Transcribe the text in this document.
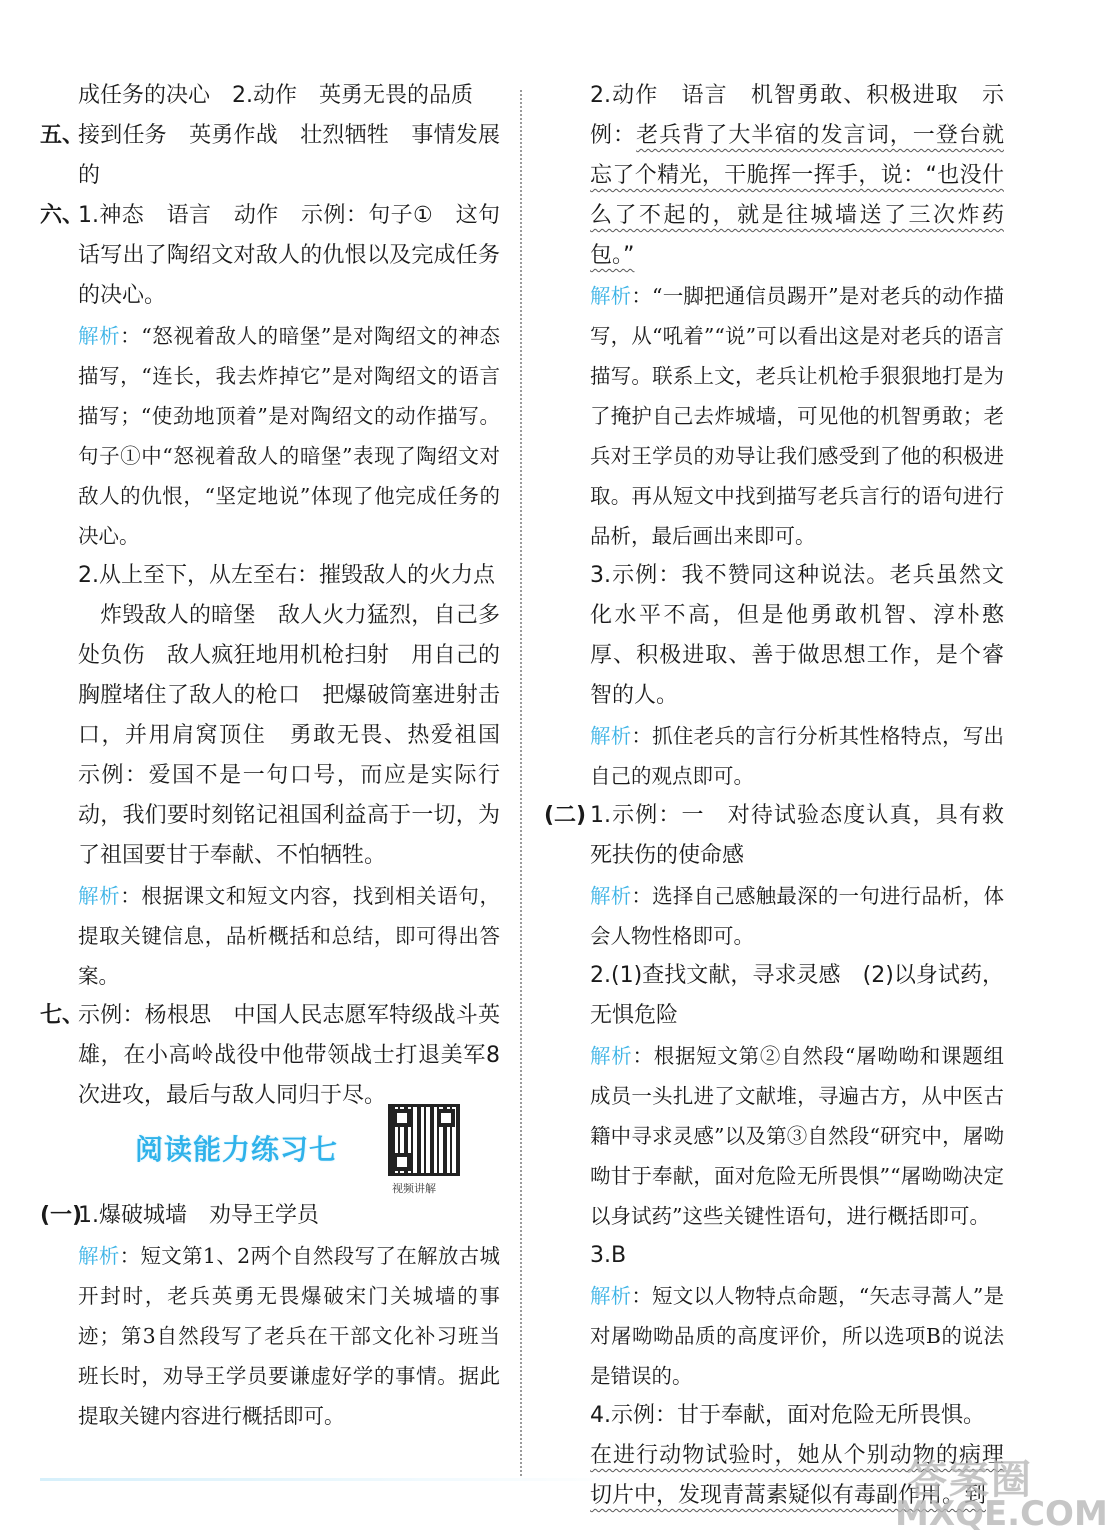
成任务的决心　2.动作　英勇无畏的品质
五、
接到任务　英勇作战　壮烈牺牲　事情发展的
六、
1.神态　语言　动作　示例：句子①　这句话写出了陶绍文对敌人的仇恨以及完成任务的决心。
解析：“怒视着敌人的暗堡”是对陶绍文的神态描写，“连长，我去炸掉它”是对陶绍文的语言描写；“使劲地顶着”是对陶绍文的动作描写。句子①中“怒视着敌人的暗堡”表现了陶绍文对敌人的仇恨，“坚定地说”体现了他完成任务的决心。
2.从上至下，从左至右：摧毁敌人的火力点
炸毁敌人的暗堡　敌人火力猛烈，自己多处负伤　敌人疯狂地用机枪扫射　用自己的胸膛堵住了敌人的枪口　把爆破筒塞进射击口，并用肩窝顶住　勇敢无畏、热爱祖国　示例：爱国不是一句口号，而应是实际行动，我们要时刻铭记祖国利益高于一切，为了祖国要甘于奉献、不怕牺牲。
解析：根据课文和短文内容，找到相关语句，提取关键信息，品析概括和总结，即可得出答案。
七、
示例：杨根思　中国人民志愿军特级战斗英雄，在小高岭战役中他带领战士打退美军8次进攻，最后与敌人同归于尽。
阅读能力练习七
视频讲解
(一)
1.爆破城墙　劝导王学员
解析：短文第1、2两个自然段写了在解放古城开封时，老兵英勇无畏爆破宋门关城墙的事迹；第3自然段写了老兵在干部文化补习班当班长时，劝导王学员要谦虚好学的事情。据此提取关键内容进行概括即可。
2.动作　语言　机智勇敢、积极进取　示例：老兵背了大半宿的发言词，一登台就忘了个精光，干脆挥一挥手，说：“也没什么了不起的，就是往城墙送了三次炸药包。”
解析：“一脚把通信员踢开”是对老兵的动作描写，从“吼着”“说”可以看出这是对老兵的语言描写。联系上文，老兵让机枪手狠狠地打是为了掩护自己去炸城墙，可见他的机智勇敢；老兵对王学员的劝导让我们感受到了他的积极进取。再从短文中找到描写老兵言行的语句进行品析，最后画出来即可。
3.示例：我不赞同这种说法。老兵虽然文化水平不高，但是他勇敢机智、淳朴憨厚、积极进取、善于做思想工作，是个睿智的人。
解析：抓住老兵的言行分析其性格特点，写出自己的观点即可。
(二) 1.示例：一　对待试验态度认真，具有救死扶伤的使命感
解析：选择自己感触最深的一句进行品析，体会人物性格即可。
2.(1)查找文献，寻求灵感　(2)以身试药，无惧危险
解析：根据短文第②自然段“屠呦呦和课题组成员一头扎进了文献堆，寻遍古方，从中医古籍中寻求灵感”以及第③自然段“研究中，屠呦呦甘于奉献，面对危险无所畏惧”“屠呦呦决定以身试药”这些关键性语句，进行概括即可。
3.B
解析：短文以人物特点命题，“矢志寻蒿人”是对屠呦呦品质的高度评价，所以选项B的说法是错误的。
4.示例：甘于奉献，面对危险无所畏惧。
在进行动物试验时，她从个别动物的病理切片中，发现青蒿素疑似有毒副作用。到
答案圈
MXQE.COM
